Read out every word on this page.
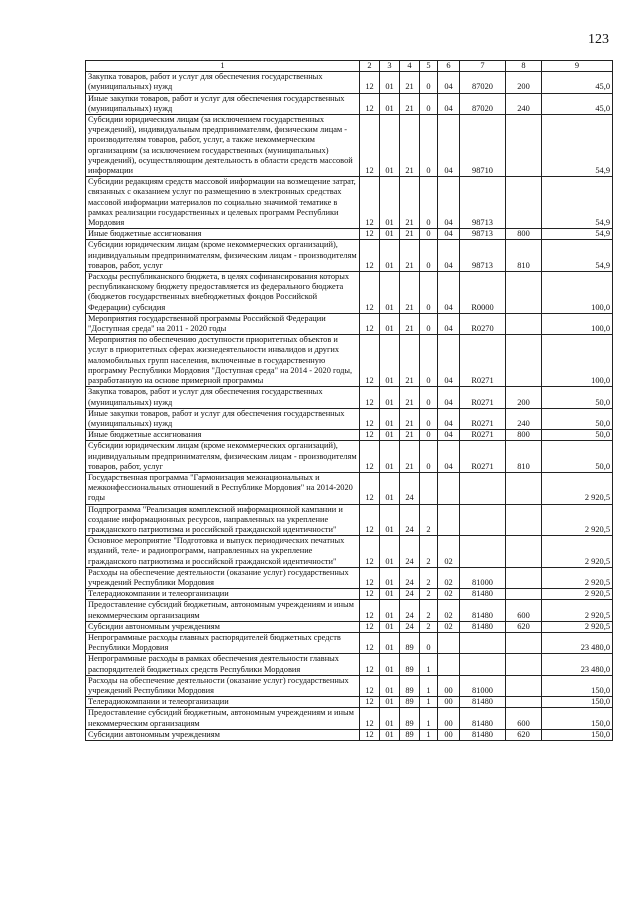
123
1	2	3	4	5	6	7	8	9
Закупка товаров, работ и услуг для обеспечения государственных (муниципальных) нужд	12	01	21	0	04	87020	200	45,0
Иные закупки товаров, работ и услуг для обеспечения государственных (муниципальных) нужд	12	01	21	0	04	87020	240	45,0
Субсидии юридическим лицам (за исключением государственных учреждений), индивидуальным предпринимателям, физическим лицам - производителям товаров, работ, услуг, а также некоммерческим организациям (за исключением государственных (муниципальных) учреждений), осуществляющим деятельность в области средств массовой информации	12	01	21	0	04	98710		54,9
Субсидии редакциям средств массовой информации на возмещение затрат, связанных с оказанием услуг по размещению в электронных средствах массовой информации материалов по социально значимой тематике в рамках реализации государственных и целевых программ Республики Мордовия	12	01	21	0	04	98713		54,9
Иные бюджетные ассигнования	12	01	21	0	04	98713	800	54,9
Субсидии юридическим лицам (кроме некоммерческих организаций), индивидуальным предпринимателям, физическим лицам - производителям товаров, работ, услуг	12	01	21	0	04	98713	810	54,9
Расходы республиканского бюджета, в целях софинансирования которых республиканскому бюджету предоставляется из федерального бюджета (бюджетов государственных внебюджетных фондов Российской Федерации) субсидия	12	01	21	0	04	R0000		100,0
Мероприятия государственной программы Российской Федерации "Доступная среда" на 2011 - 2020 годы	12	01	21	0	04	R0270		100,0
Мероприятия по обеспечению доступности приоритетных объектов и услуг в приоритетных сферах жизнедеятельности инвалидов и других маломобильных групп населения, включенные в государственную программу Республики Мордовия "Доступная среда" на 2014 - 2020 годы, разработанную на основе примерной программы	12	01	21	0	04	R0271		100,0
Закупка товаров, работ и услуг для обеспечения государственных (муниципальных) нужд	12	01	21	0	04	R0271	200	50,0
Иные закупки товаров, работ и услуг для обеспечения государственных (муниципальных) нужд	12	01	21	0	04	R0271	240	50,0
Иные бюджетные ассигнования	12	01	21	0	04	R0271	800	50,0
Субсидии юридическим лицам (кроме некоммерческих организаций), индивидуальным предпринимателям, физическим лицам - производителям товаров, работ, услуг	12	01	21	0	04	R0271	810	50,0
Государственная программа "Гармонизация межнациональных и межконфессиональных отношений в Республике Мордовия" на 2014-2020 годы	12	01	24					2 920,5
Подпрограмма "Реализация комплексной информационной кампании и создание информационных ресурсов, направленных на укрепление гражданского патриотизма и российской гражданской идентичности"	12	01	24	2				2 920,5
Основное мероприятие "Подготовка и выпуск периодических печатных изданий, теле- и радиопрограмм, направленных на укрепление гражданского патриотизма и российской гражданской идентичности"	12	01	24	2	02			2 920,5
Расходы на обеспечение деятельности (оказание услуг) государственных учреждений Республики Мордовия	12	01	24	2	02	81000		2 920,5
Телерадиокомпании и телеорганизации	12	01	24	2	02	81480		2 920,5
Предоставление субсидий бюджетным, автономным учреждениям и иным некоммерческим организациям	12	01	24	2	02	81480	600	2 920,5
Субсидии автономным учреждениям	12	01	24	2	02	81480	620	2 920,5
Непрограммные расходы главных распорядителей бюджетных средств Республики Мордовия	12	01	89	0				23 480,0
Непрограммные расходы в рамках обеспечения деятельности главных распорядителей бюджетных средств Республики Мордовия	12	01	89	1				23 480,0
Расходы на обеспечение деятельности (оказание услуг) государственных учреждений Республики Мордовия	12	01	89	1	00	81000		150,0
Телерадиокомпании и телеорганизации	12	01	89	1	00	81480		150,0
Предоставление субсидий бюджетным, автономным учреждениям и иным некоммерческим организациям	12	01	89	1	00	81480	600	150,0
Субсидии автономным учреждениям	12	01	89	1	00	81480	620	150,0
